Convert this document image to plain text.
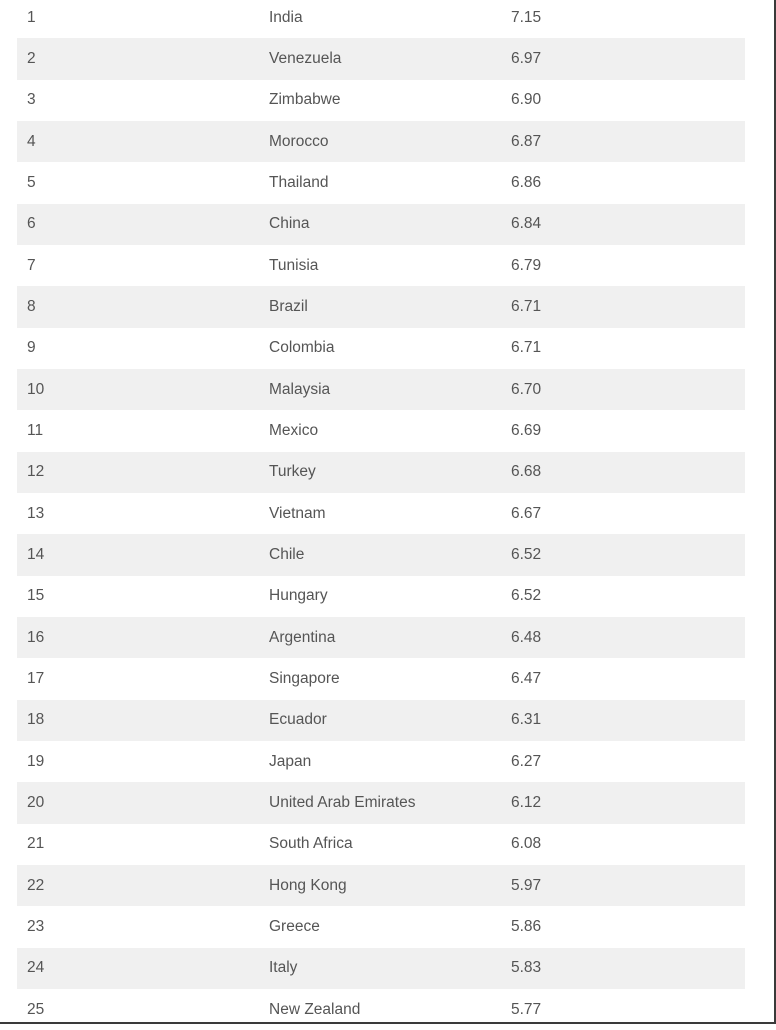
1	India	7.15
2	Venezuela	6.97
3	Zimbabwe	6.90
4	Morocco	6.87
5	Thailand	6.86
6	China	6.84
7	Tunisia	6.79
8	Brazil	6.71
9	Colombia	6.71
10	Malaysia	6.70
11	Mexico	6.69
12	Turkey	6.68
13	Vietnam	6.67
14	Chile	6.52
15	Hungary	6.52
16	Argentina	6.48
17	Singapore	6.47
18	Ecuador	6.31
19	Japan	6.27
20	United Arab Emirates	6.12
21	South Africa	6.08
22	Hong Kong	5.97
23	Greece	5.86
24	Italy	5.83
25	New Zealand	5.77
